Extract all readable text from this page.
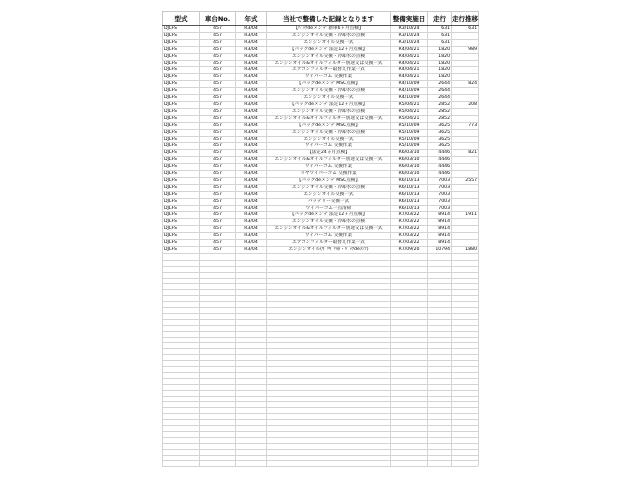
型式	車台No.	年式	当社で整備した記録となります	整備実施日	走行	走行推移
DJLFS	457	R3/04	【ﾊﾟｯｸdeメンテ 新車6ヶ月点検】	R3/10/24	631	631
DJLFS	457	R3/04	エンジンオイル交換・冷却水の点検	R3/10/24	631	
DJLFS	457	R3/04	エンジンオイル交換一式	R3/10/24	631	
DJLFS	457	R3/04	【パックdeメンテ 法定12ヶ月点検】	R4/04/21	1820	989
DJLFS	457	R3/04	エンジンオイル交換・冷却水の点検	R4/04/21	1820	
DJLFS	457	R3/04	エンジンオイル&オイルフィルター別途又は交換一式	R4/04/21	1820	
DJLFS	457	R3/04	エアコンフィルター取替え作業一式	R4/04/21	1820	
DJLFS	457	R3/04	ワイパーゴム 交換作業	R4/04/21	1820	
DJLFS	457	R3/04	【パックdeメンテ MSC点検】	R4/10/09	2644	824
DJLFS	457	R3/04	エンジンオイル交換・冷却水の点検	R4/10/09	2644	
DJLFS	457	R3/04	エンジンオイル交換一式	R4/10/09	2644	
DJLFS	457	R3/04	【パックdeメンテ 法定12ヶ月点検】	R5/04/21	2852	208
DJLFS	457	R3/04	エンジンオイル交換・冷却水の点検	R5/04/21	2852	
DJLFS	457	R3/04	エンジンオイル&オイルフィルター別途又は交換一式	R5/04/21	2852	
DJLFS	457	R3/04	【パックdeメンテ MSC点検】	R5/10/09	3625	773
DJLFS	457	R3/04	エンジンオイル交換・冷却水の点検	R5/10/09	3625	
DJLFS	457	R3/04	エンジンオイル交換一式	R5/10/09	3625	
DJLFS	457	R3/04	ワイパーゴム 交換作業	R5/10/09	3625	
DJLFS	457	R3/04	【法定24ヵ月点検】	R6/03/10	4446	821
DJLFS	457	R3/04	エンジンオイル&オイルフィルター別途又は交換一式	R6/03/10	4446	
DJLFS	457	R3/04	ワイパーゴム 交換作業	R6/03/10	4446	
DJLFS	457	R3/04	リヤワイパーゴム 交換作業	R6/03/10	4446	
DJLFS	457	R3/04	【パックdeメンテ MSC点検】	R6/10/13	7003	2557
DJLFS	457	R3/04	エンジンオイル交換・冷却水の点検	R6/10/13	7003	
DJLFS	457	R3/04	エンジンオイル交換一式	R6/10/13	7003	
DJLFS	457	R3/04	バッテリー交換一式	R6/10/13	7003	
DJLFS	457	R3/04	ワイパーゴム一点清掃	R6/10/13	7003	
DJLFS	457	R3/04	【パックdeメンテ 法定12ヶ月点検】	R7/03/22	8914	1911
DJLFS	457	R3/04	エンジンオイル交換・冷却水の点検	R7/03/22	8914	
DJLFS	457	R3/04	エンジンオイル&オイルフィルター別途又は交換一式	R7/03/22	8914	
DJLFS	457	R3/04	ワイパーゴム 交換作業	R7/03/22	8914	
DJLFS	457	R3/04	エアコンフィルター取替え作業一式	R7/03/22	8914	
DJLFS	457	R3/04	エンジンオイル(ｷﾞﾘｷﾞﾘ車・ﾊﾟｯｸdeﾒﾝﾃ)	R7/09/20	10794	1880
